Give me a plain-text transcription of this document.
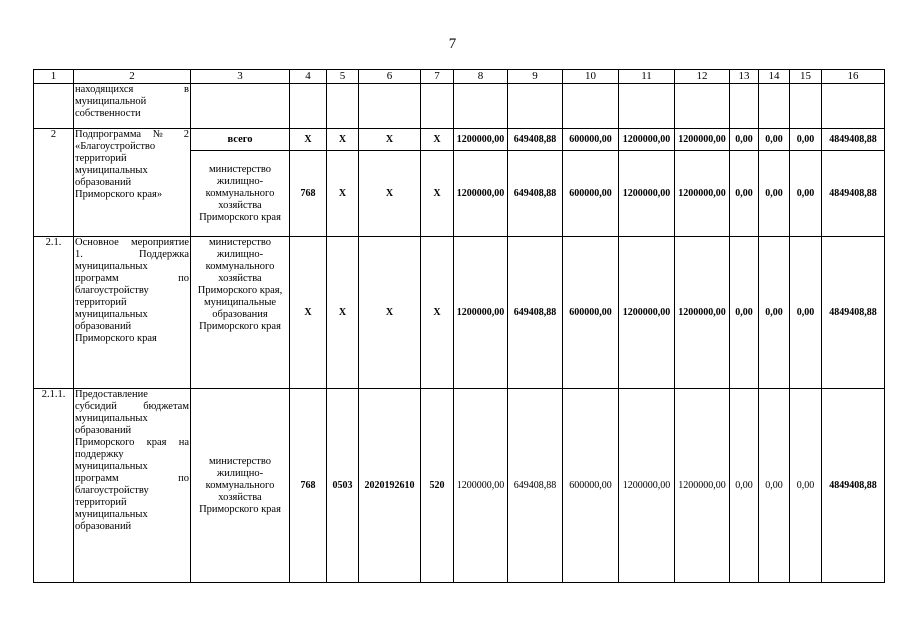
7
1	2	3	4	5	6	7	8	9	10	11	12	13	14	15	16
	находящихся в муниципальной собственности														
2	Подпрограмма № 2 «Благоустройство территорий муниципальных образований Приморского края»	всего	Х	Х	Х	Х	1200000,00	649408,88	600000,00	1200000,00	1200000,00	0,00	0,00	0,00	4849408,88
		министерство жилищно-коммунального хозяйства Приморского края	768	Х	Х	Х	1200000,00	649408,88	600000,00	1200000,00	1200000,00	0,00	0,00	0,00	4849408,88
2.1.	Основное мероприятие 1. Поддержка муниципальных программ по благоустройству территорий муниципальных образований Приморского края	министерство жилищно-коммунального хозяйства Приморского края, муниципальные образования Приморского края	Х	Х	Х	Х	1200000,00	649408,88	600000,00	1200000,00	1200000,00	0,00	0,00	0,00	4849408,88
2.1.1.	Предоставление субсидий бюджетам муниципальных образований Приморского края на поддержку муниципальных программ по благоустройству территорий муниципальных образований	министерство жилищно-коммунального хозяйства Приморского края	768	0503	2020192610	520	1200000,00	649408,88	600000,00	1200000,00	1200000,00	0,00	0,00	0,00	4849408,88
